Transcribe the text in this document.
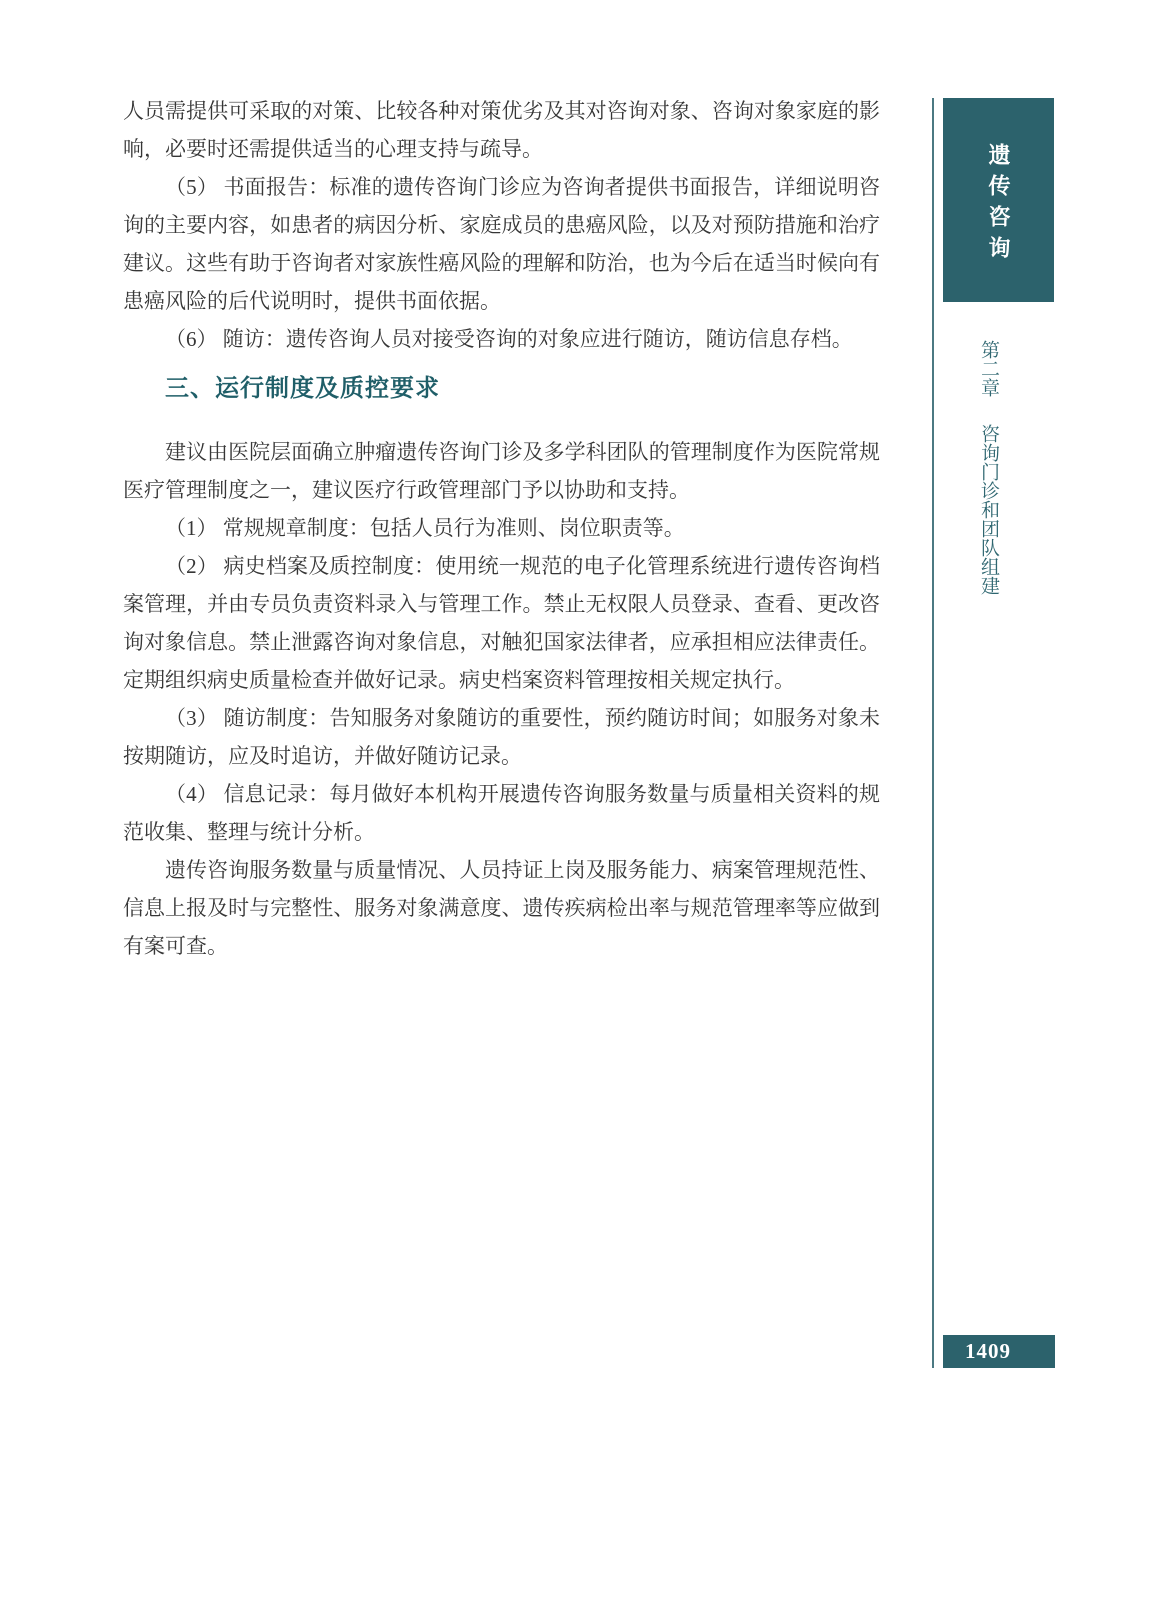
人员需提供可采取的对策、比较各种对策优劣及其对咨询对象、咨询对象家庭的影响，必要时还需提供适当的心理支持与疏导。

（5） 书面报告：标准的遗传咨询门诊应为咨询者提供书面报告，详细说明咨询的主要内容，如患者的病因分析、家庭成员的患癌风险，以及对预防措施和治疗建议。这些有助于咨询者对家族性癌风险的理解和防治，也为今后在适当时候向有患癌风险的后代说明时，提供书面依据。

（6） 随访：遗传咨询人员对接受咨询的对象应进行随访，随访信息存档。

三、运行制度及质控要求

建议由医院层面确立肿瘤遗传咨询门诊及多学科团队的管理制度作为医院常规医疗管理制度之一，建议医疗行政管理部门予以协助和支持。

（1） 常规规章制度：包括人员行为准则、岗位职责等。

（2） 病史档案及质控制度：使用统一规范的电子化管理系统进行遗传咨询档案管理，并由专员负责资料录入与管理工作。禁止无权限人员登录、查看、更改咨询对象信息。禁止泄露咨询对象信息，对触犯国家法律者，应承担相应法律责任。定期组织病史质量检查并做好记录。病史档案资料管理按相关规定执行。

（3） 随访制度：告知服务对象随访的重要性，预约随访时间；如服务对象未按期随访，应及时追访，并做好随访记录。

（4） 信息记录：每月做好本机构开展遗传咨询服务数量与质量相关资料的规范收集、整理与统计分析。

遗传咨询服务数量与质量情况、人员持证上岗及服务能力、病案管理规范性、信息上报及时与完整性、服务对象满意度、遗传疾病检出率与规范管理率等应做到有案可查。

遗传咨询
第二章
咨询门诊和团队组建
1409
